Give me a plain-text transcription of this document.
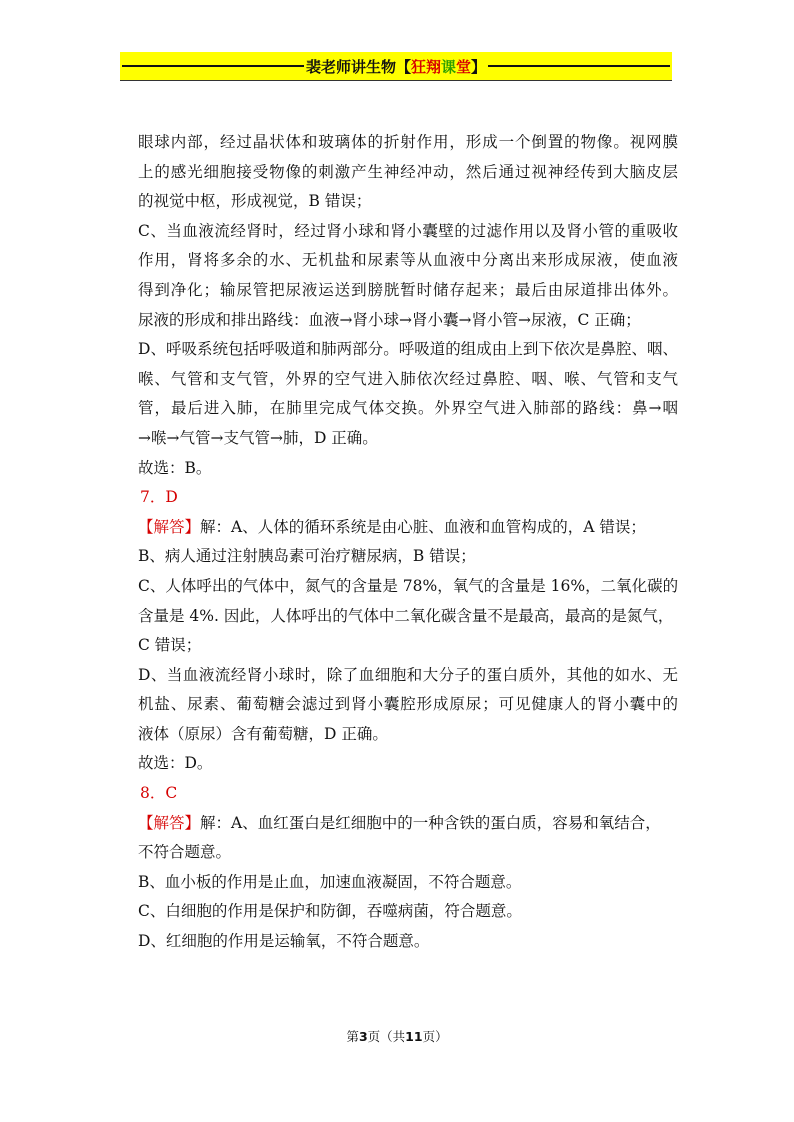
裴老师讲生物【狂翔课堂】
眼球内部，经过晶状体和玻璃体的折射作用，形成一个倒置的物像。视网膜
上的感光细胞接受物像的刺激产生神经冲动，然后通过视神经传到大脑皮层
的视觉中枢，形成视觉，B 错误；
C、当血液流经肾时，经过肾小球和肾小囊壁的过滤作用以及肾小管的重吸收
作用，肾将多余的水、无机盐和尿素等从血液中分离出来形成尿液，使血液
得到净化；输尿管把尿液运送到膀胱暂时储存起来；最后由尿道排出体外。
尿液的形成和排出路线：血液→肾小球→肾小囊→肾小管→尿液，C 正确；
D、呼吸系统包括呼吸道和肺两部分。呼吸道的组成由上到下依次是鼻腔、咽、
喉、气管和支气管，外界的空气进入肺依次经过鼻腔、咽、喉、气管和支气
管，最后进入肺，在肺里完成气体交换。外界空气进入肺部的路线：鼻→咽
→喉→气管→支气管→肺，D 正确。
故选：B。
7．D
【解答】解：A、人体的循环系统是由心脏、血液和血管构成的，A 错误；
B、病人通过注射胰岛素可治疗糖尿病，B 错误；
C、人体呼出的气体中，氮气的含量是 78%，氧气的含量是 16%，二氧化碳的
含量是 4%. 因此，人体呼出的气体中二氧化碳含量不是最高，最高的是氮气，
C 错误；
D、当血液流经肾小球时，除了血细胞和大分子的蛋白质外，其他的如水、无
机盐、尿素、葡萄糖会滤过到肾小囊腔形成原尿；可见健康人的肾小囊中的
液体（原尿）含有葡萄糖，D 正确。
故选：D。
8．C
【解答】解：A、血红蛋白是红细胞中的一种含铁的蛋白质，容易和氧结合，
不符合题意。
B、血小板的作用是止血，加速血液凝固，不符合题意。
C、白细胞的作用是保护和防御，吞噬病菌，符合题意。
D、红细胞的作用是运输氧，不符合题意。
第3页（共11页）
